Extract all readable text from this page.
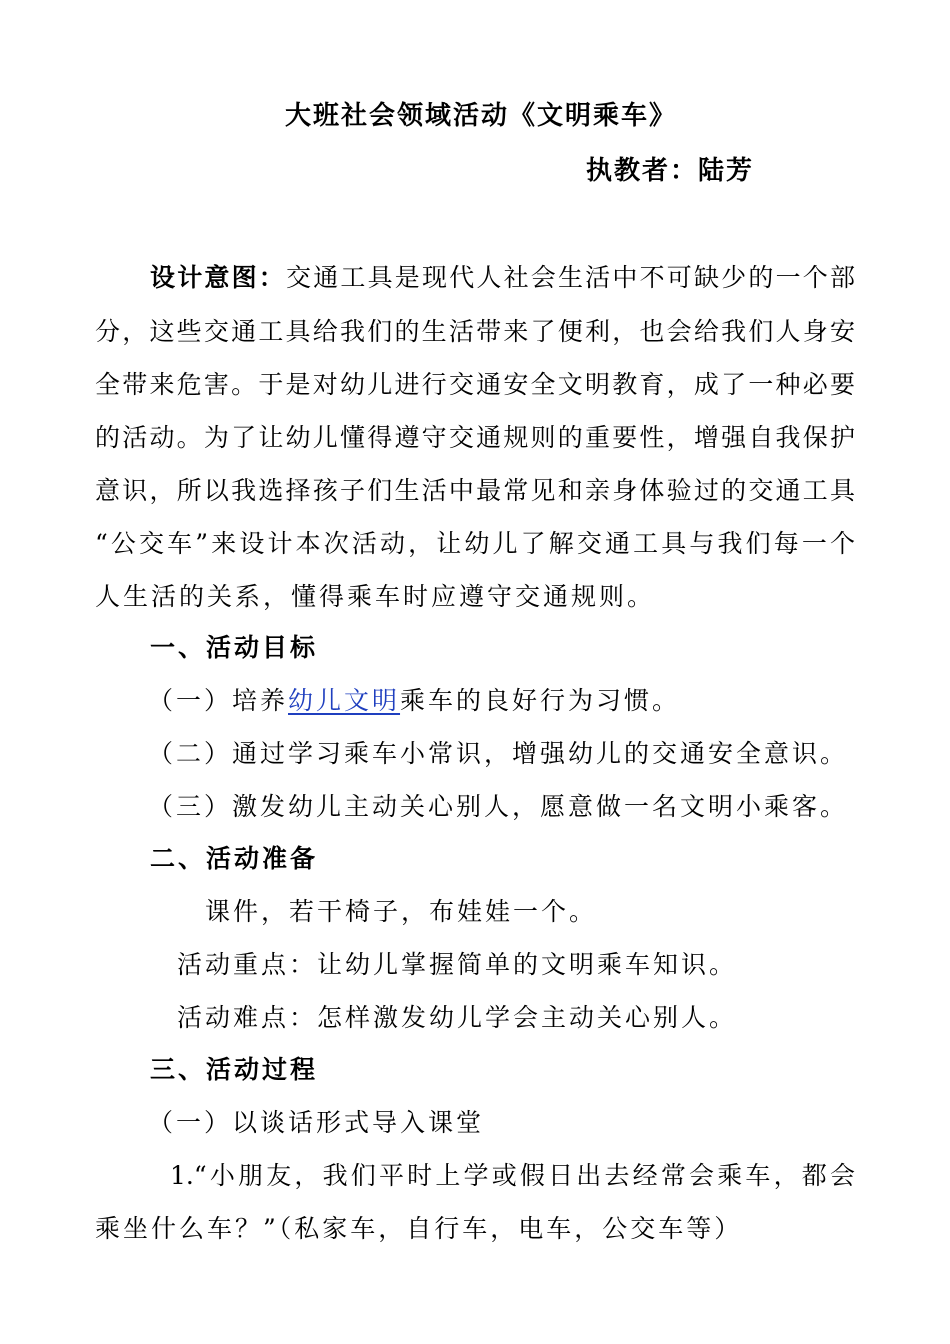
大班社会领域活动《文明乘车》
执教者：陆芳
设计意图：交通工具是现代人社会生活中不可缺少的一个部
分，这些交通工具给我们的生活带来了便利，也会给我们人身安
全带来危害。于是对幼儿进行交通安全文明教育，成了一种必要
的活动。为了让幼儿懂得遵守交通规则的重要性，增强自我保护
意识，所以我选择孩子们生活中最常见和亲身体验过的交通工具
“公交车”来设计本次活动，让幼儿了解交通工具与我们每一个
人生活的关系，懂得乘车时应遵守交通规则。
一、活动目标
（一）培养幼儿文明乘车的良好行为习惯。
（二）通过学习乘车小常识，增强幼儿的交通安全意识。
（三）激发幼儿主动关心别人，愿意做一名文明小乘客。
二、活动准备
课件，若干椅子，布娃娃一个。
活动重点：让幼儿掌握简单的文明乘车知识。
活动难点：怎样激发幼儿学会主动关心别人。
三、活动过程
（一）以谈话形式导入课堂
1.“小朋友，我们平时上学或假日出去经常会乘车，都会
乘坐什么车？”（私家车，自行车，电车，公交车等）
